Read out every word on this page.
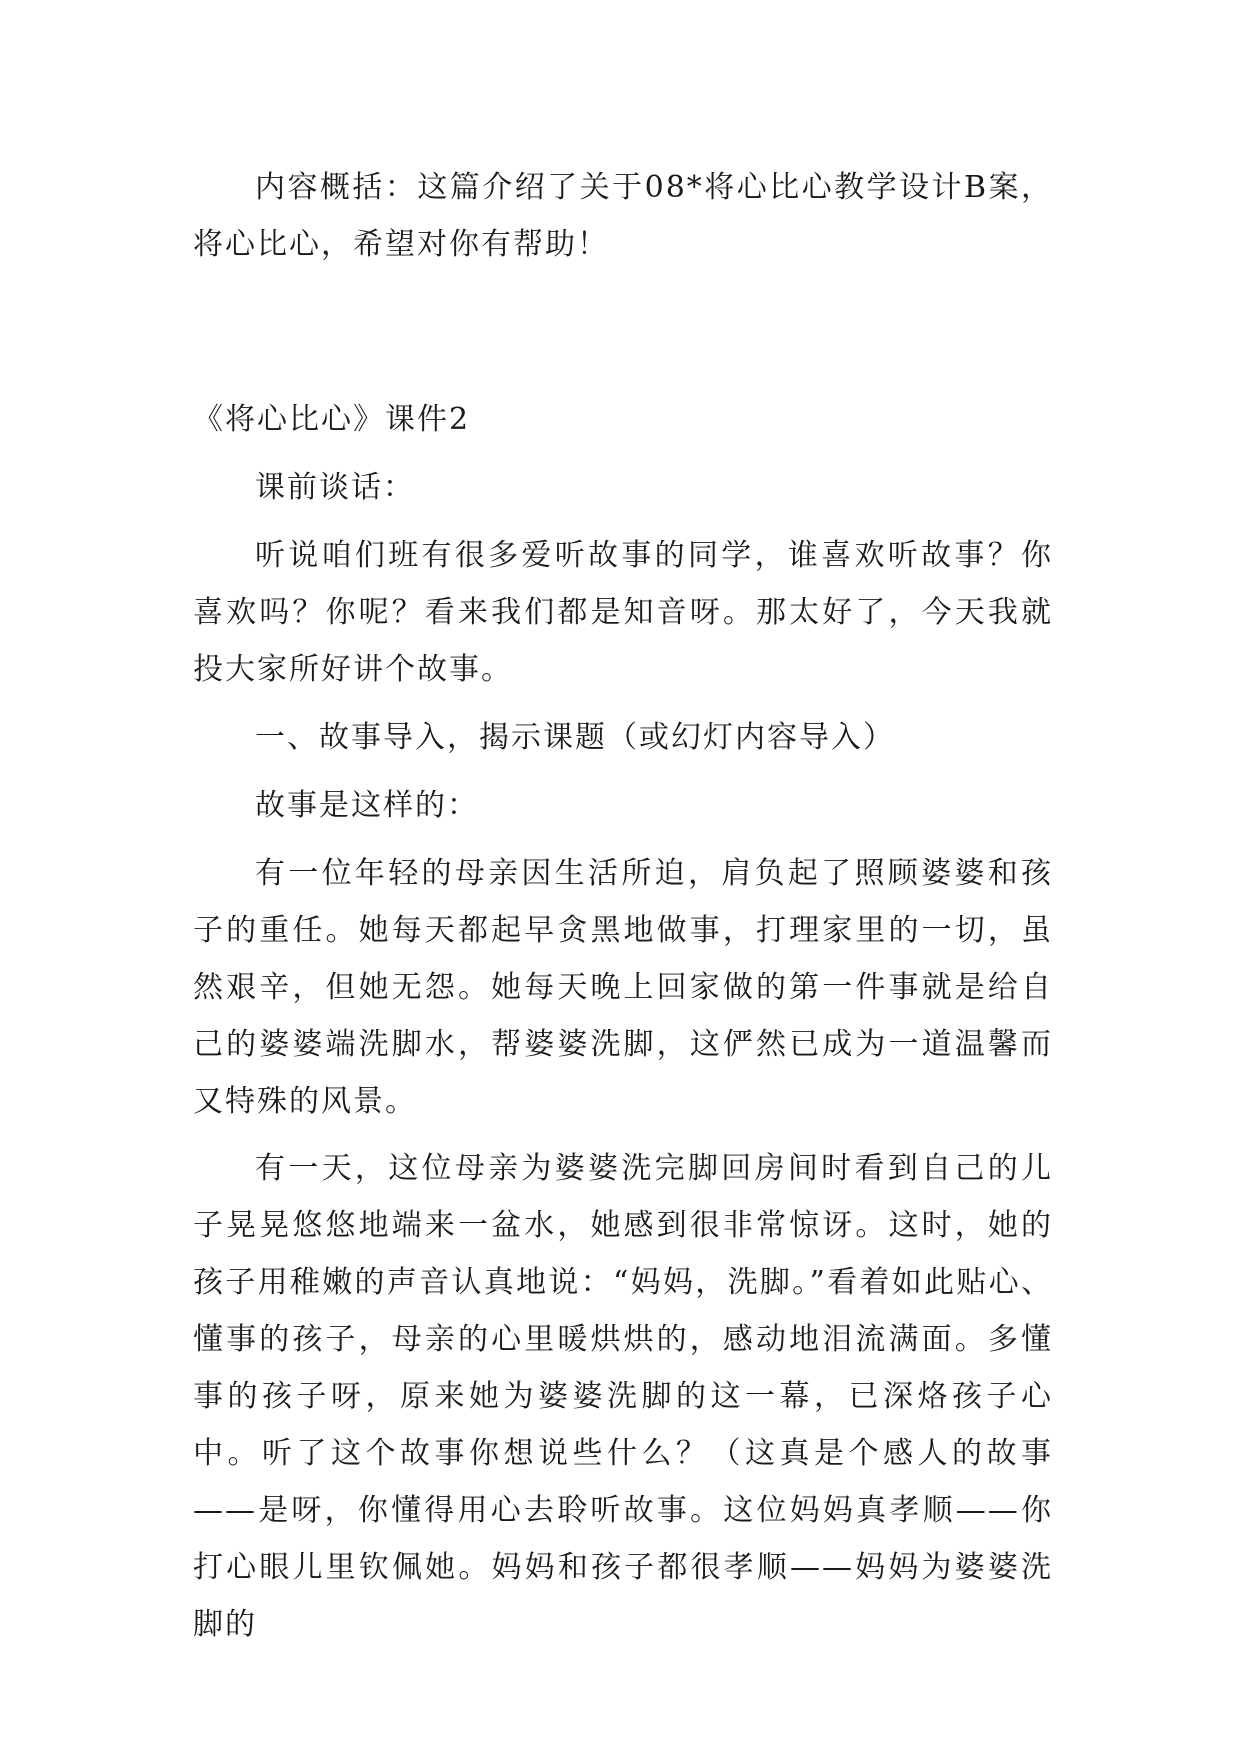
内容概括：这篇介绍了关于08*将心比心教学设计B案，将心比心，希望对你有帮助！

《将心比心》课件2

课前谈话：

听说咱们班有很多爱听故事的同学，谁喜欢听故事？你喜欢吗？你呢？看来我们都是知音呀。那太好了，今天我就投大家所好讲个故事。

一、故事导入，揭示课题（或幻灯内容导入）

故事是这样的：

有一位年轻的母亲因生活所迫，肩负起了照顾婆婆和孩子的重任。她每天都起早贪黑地做事，打理家里的一切，虽然艰辛，但她无怨。她每天晚上回家做的第一件事就是给自己的婆婆端洗脚水，帮婆婆洗脚，这俨然已成为一道温馨而又特殊的风景。

有一天，这位母亲为婆婆洗完脚回房间时看到自己的儿子晃晃悠悠地端来一盆水，她感到很非常惊讶。这时，她的孩子用稚嫩的声音认真地说：“妈妈，洗脚。”看着如此贴心、懂事的孩子，母亲的心里暖烘烘的，感动地泪流满面。多懂事的孩子呀，原来她为婆婆洗脚的这一幕，已深烙孩子心中。听了这个故事你想说些什么？（这真是个感人的故事——是呀，你懂得用心去聆听故事。这位妈妈真孝顺——你打心眼儿里钦佩她。妈妈和孩子都很孝顺——妈妈为婆婆洗脚的
